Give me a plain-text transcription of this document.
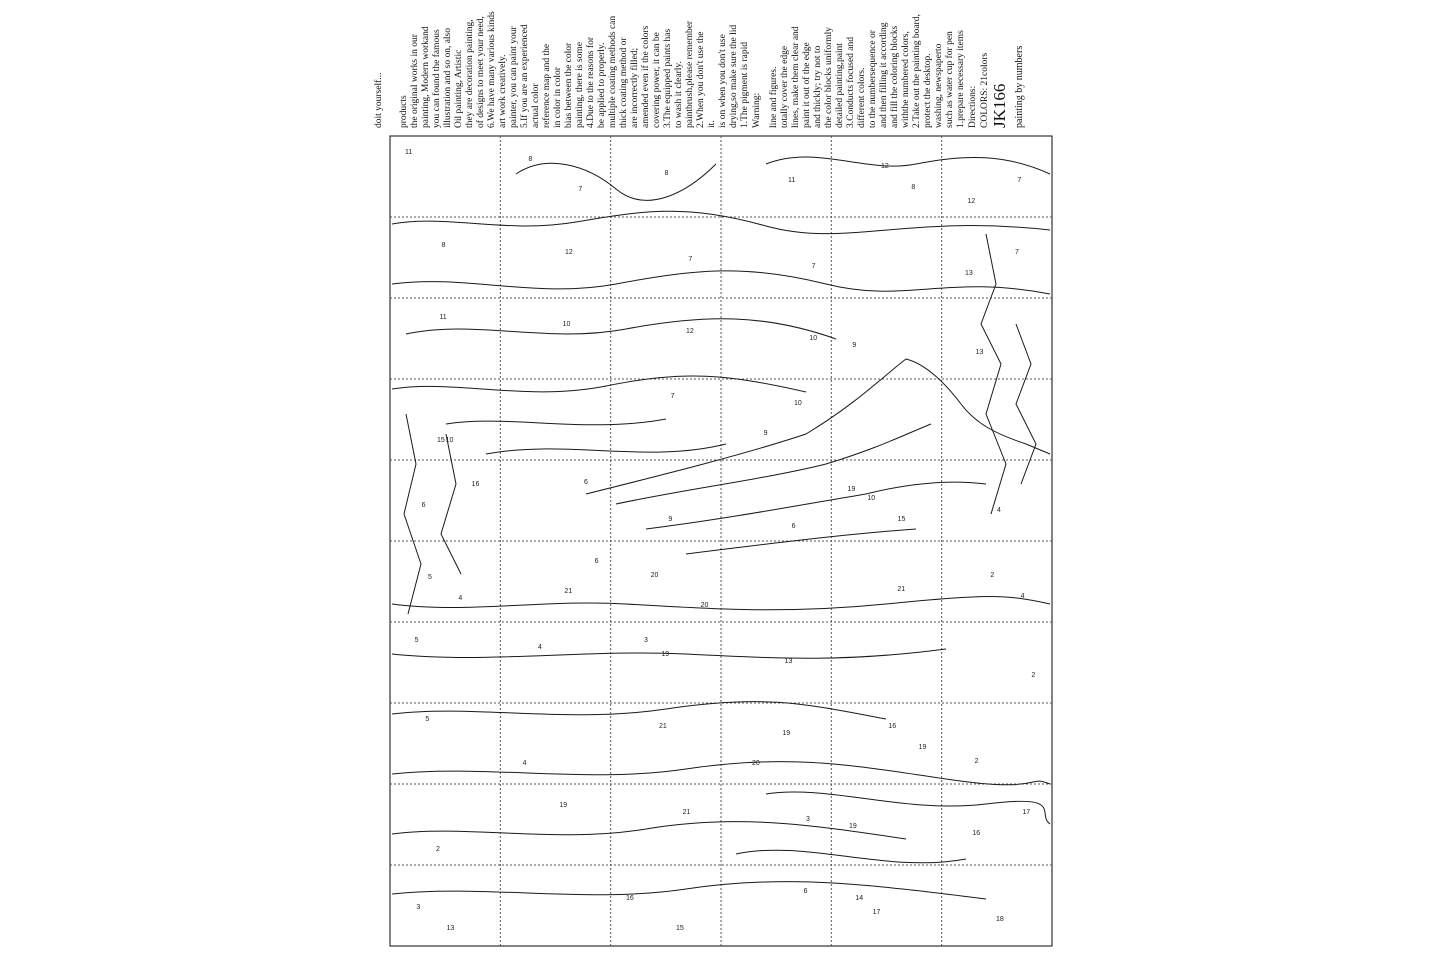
painting by numbers
JK166
COLORS: 21colors
Directions:
1.prepare necessary items
such as water cup for pen
washing, newspaperto
protect the desktop.
2.Take out the painting board,
withthe numbered colors,
and fill the coloring blocks
and then filling it according
to the numbersequence or
different colors.
3.Conducts focused and
detailed painting,paint
the color blocks uniformly
and thickly; try not to
paint it out of the edge
lines, make them clear and
totally cover the edge
line and figures.
Warning:
1.The pigment is rapid
drying,so make sure the lid
is on when you don't use
it.
2.When you don't use the
paintbrush,please remember
to wash it clearly.
3.The equipped paints has
covering power, it can be
amended even if the colors
are incorrectly filled;
thick coating method or
multiple coating methods can
be applied to properly.
4.Due to the reasons for
painting, there is some
bias between the color
in color in color
reference map and the
actual color
5.If you are an experienced
painter, you can paint your
art work creatively.
6.We have many various kinds
of designs to meet your need,
they are decoration painting,
Oil painting, Artistic
illustration and so on, also
you can found the famous
painting, Modern workand
the original works in our
products
doit yourself...
11
8
7
8
11
8
12
12
7
8
12
7
7
13
7
11
10
12
10
9
13
15
7
10
9
10
6
16
9
6
6
19
15
10
4
4
5
6
21
20
20
21
4
2
5
4
19
13
3
2
4
5
21
19
20
19
16
2
2
19
21
3
19
16
17
13
3
6
16
15
17
18
14
